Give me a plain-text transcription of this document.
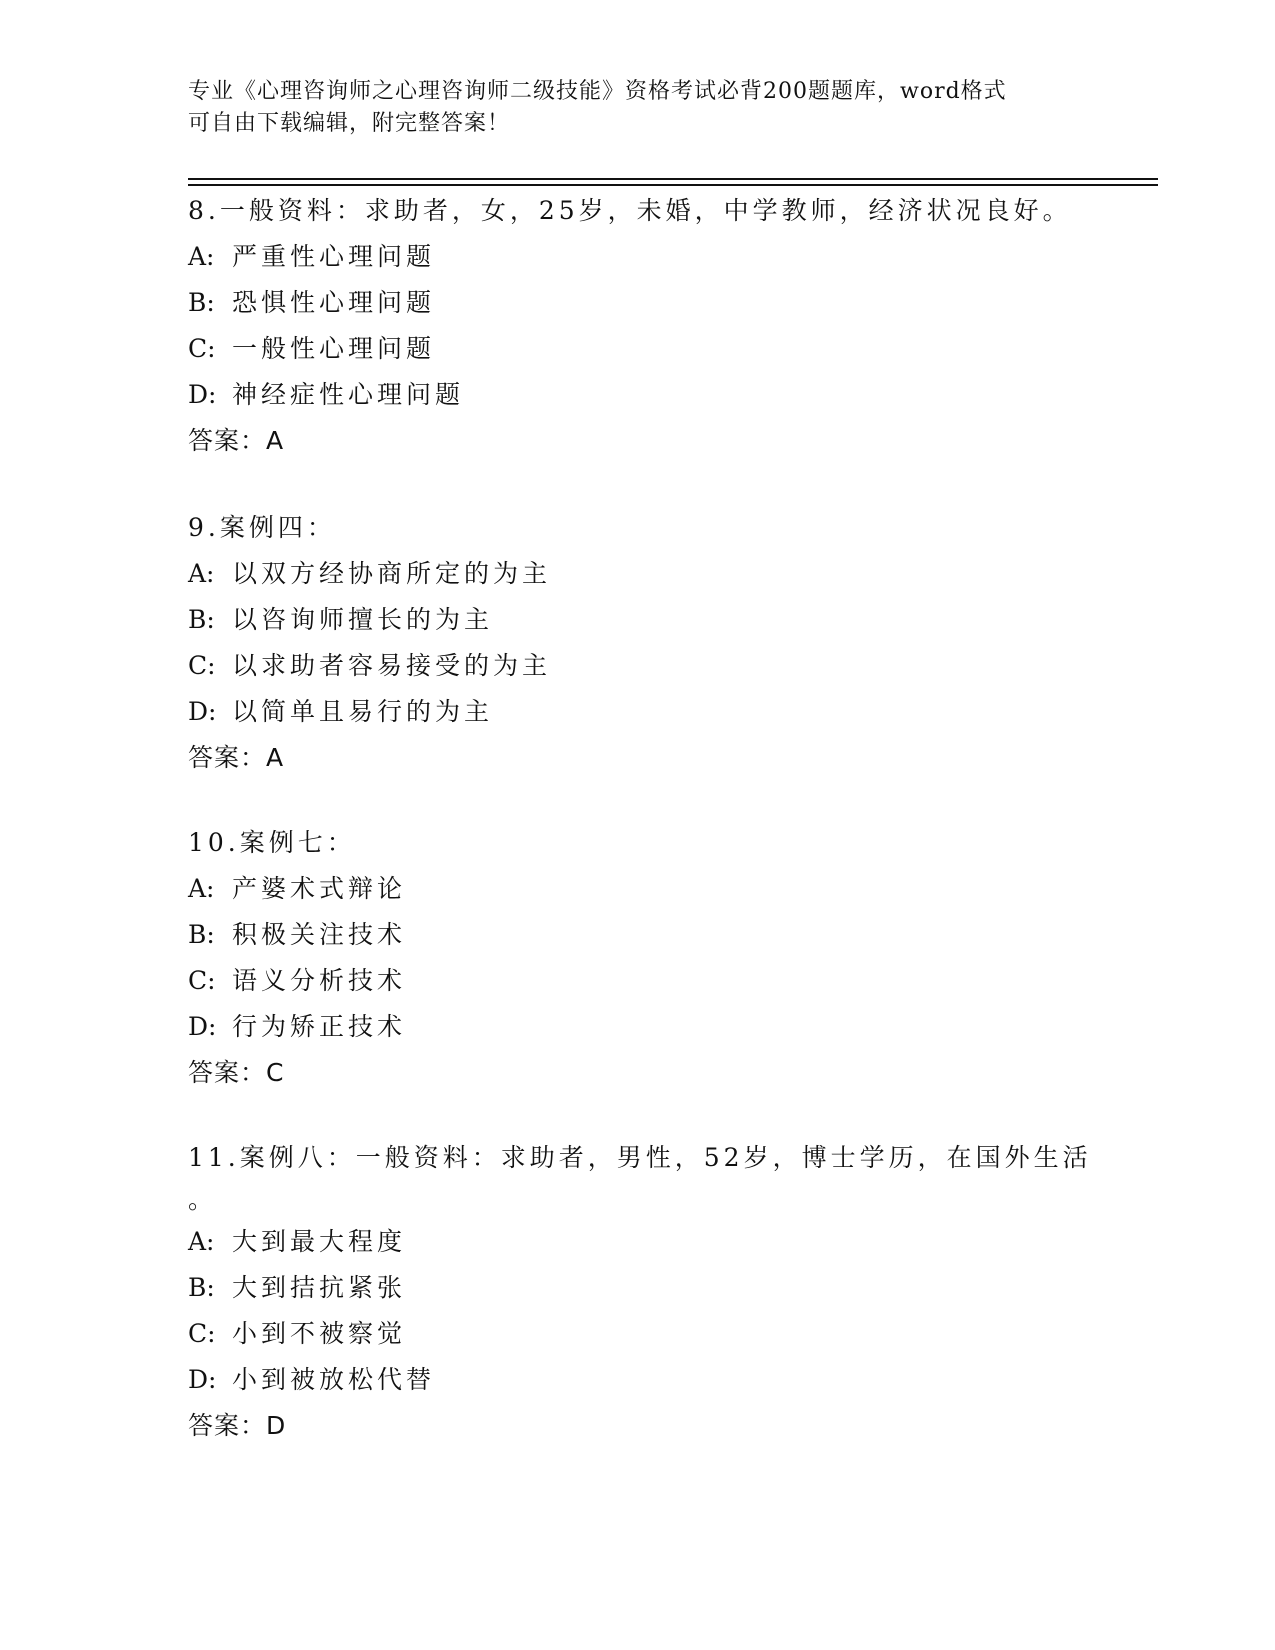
专业《心理咨询师之心理咨询师二级技能》资格考试必背200题题库，word格式
可自由下载编辑，附完整答案！
8.一般资料：求助者，女，25岁，未婚，中学教师，经济状况良好。
A: 严重性心理问题
B: 恐惧性心理问题
C: 一般性心理问题
D: 神经症性心理问题
答案：A
9.案例四：
A: 以双方经协商所定的为主
B: 以咨询师擅长的为主
C: 以求助者容易接受的为主
D: 以简单且易行的为主
答案：A
10.案例七：
A: 产婆术式辩论
B: 积极关注技术
C: 语义分析技术
D: 行为矫正技术
答案：C
11.案例八：一般资料：求助者，男性，52岁，博士学历，在国外生活
。
A: 大到最大程度
B: 大到拮抗紧张
C: 小到不被察觉
D: 小到被放松代替
答案：D
